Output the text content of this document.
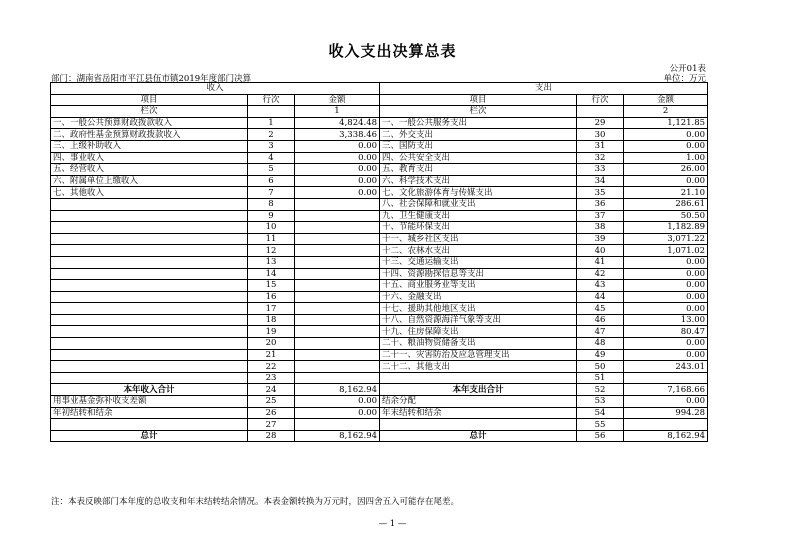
收入支出决算总表
公开01表
部门：湖南省岳阳市平江县伍市镇2019年度部门决算	单位：万元
收入			支出		
项目	行次	金额	项目	行次	金额
栏次		1	栏次		2
一、一般公共预算财政拨款收入	1	4,824.48	一、一般公共服务支出	29	1,121.85
二、政府性基金预算财政拨款收入	2	3,338.46	二、外交支出	30	0.00
三、上级补助收入	3	0.00	三、国防支出	31	0.00
四、事业收入	4	0.00	四、公共安全支出	32	1.00
五、经营收入	5	0.00	五、教育支出	33	26.00
六、附属单位上缴收入	6	0.00	六、科学技术支出	34	0.00
七、其他收入	7	0.00	七、文化旅游体育与传媒支出	35	21.10
	8		八、社会保障和就业支出	36	286.61
	9		九、卫生健康支出	37	50.50
	10		十、节能环保支出	38	1,182.89
	11		十一、城乡社区支出	39	3,071.22
	12		十二、农林水支出	40	1,071.02
	13		十三、交通运输支出	41	0.00
	14		十四、资源勘探信息等支出	42	0.00
	15		十五、商业服务业等支出	43	0.00
	16		十六、金融支出	44	0.00
	17		十七、援助其他地区支出	45	0.00
	18		十八、自然资源海洋气象等支出	46	13.00
	19		十九、住房保障支出	47	80.47
	20		二十、粮油物资储备支出	48	0.00
	21		二十一、灾害防治及应急管理支出	49	0.00
	22		二十二、其他支出	50	243.01
	23			51	
本年收入合计	24	8,162.94	本年支出合计	52	7,168.66
用事业基金弥补收支差额	25	0.00	结余分配	53	0.00
年初结转和结余	26	0.00	年末结转和结余	54	994.28
	27			55	
总计	28	8,162.94	总计	56	8,162.94
注：本表反映部门本年度的总收支和年末结转结余情况。本表金额转换为万元时，因四舍五入可能存在尾差。
— 1 —
